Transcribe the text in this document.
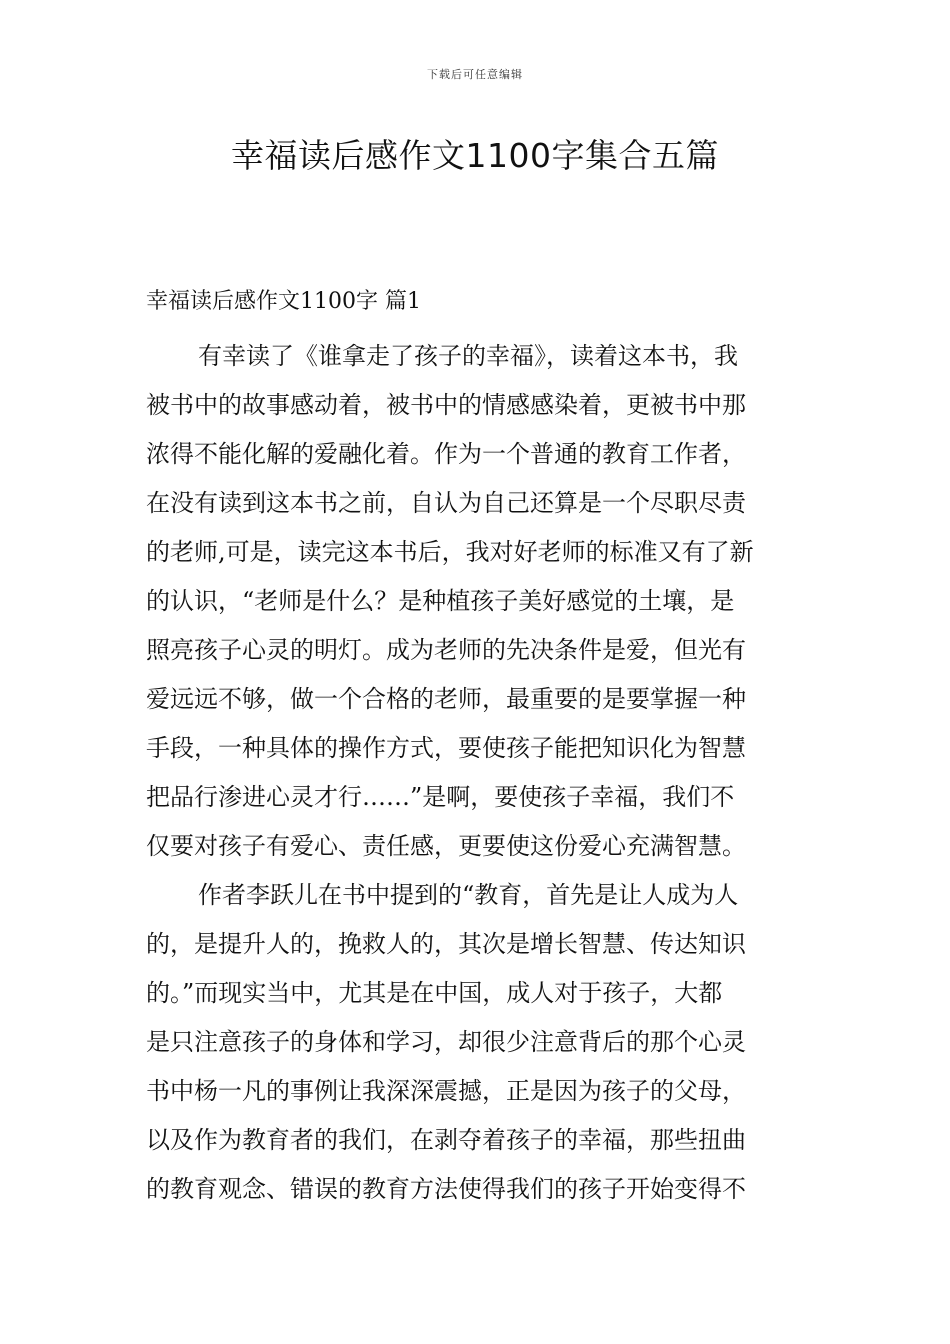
下载后可任意编辑
幸福读后感作文1100字集合五篇
幸福读后感作文1100字 篇1
有幸读了《谁拿走了孩子的幸福》，读着这本书，我
被书中的故事感动着，被书中的情感感染着，更被书中那
浓得不能化解的爱融化着。作为一个普通的教育工作者，
在没有读到这本书之前，自认为自己还算是一个尽职尽责
的老师,可是，读完这本书后，我对好老师的标准又有了新
的认识，“老师是什么？是种植孩子美好感觉的土壤，是
照亮孩子心灵的明灯。成为老师的先决条件是爱，但光有
爱远远不够，做一个合格的老师，最重要的是要掌握一种
手段，一种具体的操作方式，要使孩子能把知识化为智慧
把品行渗进心灵才行……”是啊，要使孩子幸福，我们不
仅要对孩子有爱心、责任感，更要使这份爱心充满智慧。
作者李跃儿在书中提到的“教育，首先是让人成为人
的，是提升人的，挽救人的，其次是增长智慧、传达知识
的。”而现实当中，尤其是在中国，成人对于孩子，大都
是只注意孩子的身体和学习，却很少注意背后的那个心灵
书中杨一凡的事例让我深深震撼，正是因为孩子的父母，
以及作为教育者的我们，在剥夺着孩子的幸福，那些扭曲
的教育观念、错误的教育方法使得我们的孩子开始变得不
